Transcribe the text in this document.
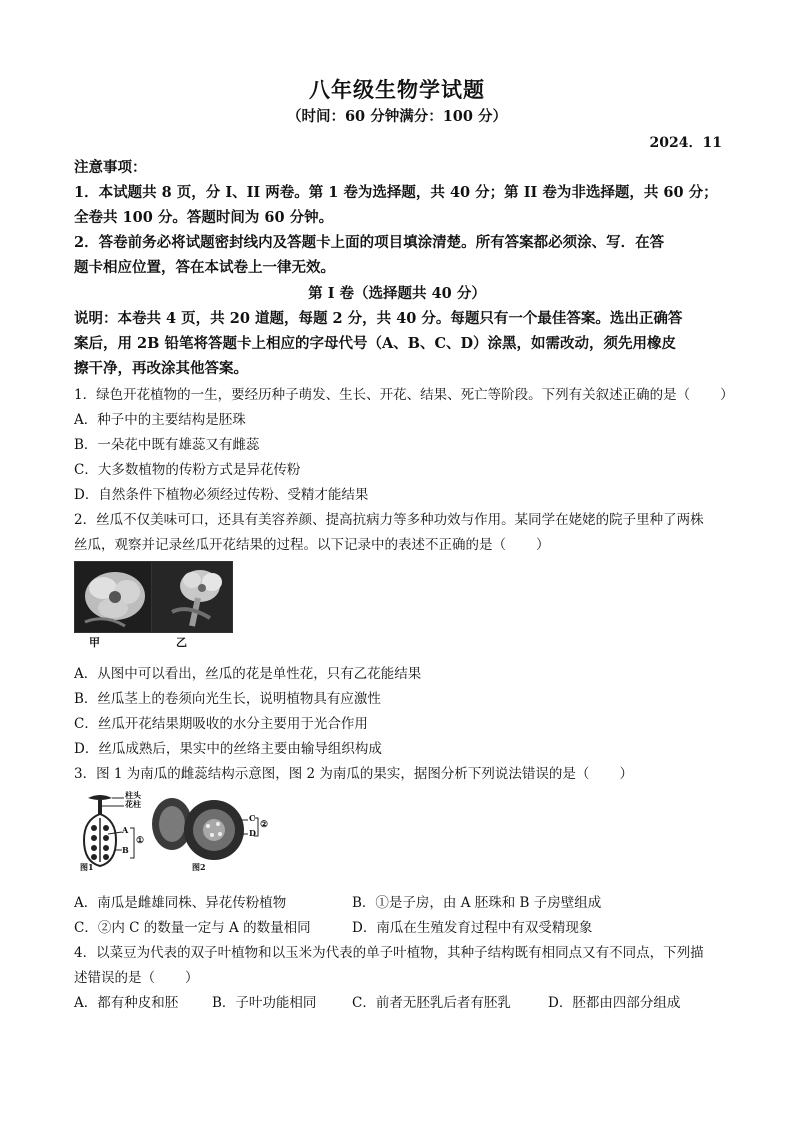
八年级生物学试题
（时间：60 分钟满分：100 分）
2024．11
注意事项：
1．本试题共 8 页，分 I、II 两卷。第 1 卷为选择题，共 40 分；第 II 卷为非选择题，共 60 分；
全卷共 100 分。答题时间为 60 分钟。
2．答卷前务必将试题密封线内及答题卡上面的项目填涂清楚。所有答案都必须涂、写．在答
题卡相应位置，答在本试卷上一律无效。
第 I 卷（选择题共 40 分）
说明：本卷共 4 页，共 20 道题，每题 2 分，共 40 分。每题只有一个最佳答案。选出正确答
案后，用 2B 铅笔将答题卡上相应的字母代号（A、B、C、D）涂黑，如需改动，须先用橡皮
擦干净，再改涂其他答案。
1．绿色开花植物的一生，要经历种子萌发、生长、开花、结果、死亡等阶段。下列有关叙述正确的是（ ）
A．种子中的主要结构是胚珠
B．一朵花中既有雄蕊又有雌蕊
C．大多数植物的传粉方式是异花传粉
D．自然条件下植物必须经过传粉、受精才能结果
2．丝瓜不仅美味可口，还具有美容养颜、提高抗病力等多种功效与作用。某同学在姥姥的院子里种了两株
丝瓜，观察并记录丝瓜开花结果的过程。以下记录中的表述不正确的是（ ）
甲	乙
A．从图中可以看出，丝瓜的花是单性花，只有乙花能结果
B．丝瓜茎上的卷须向光生长，说明植物具有应激性
C．丝瓜开花结果期吸收的水分主要用于光合作用
D．丝瓜成熟后，果实中的丝络主要由输导组织构成
3．图 1 为南瓜的雌蕊结构示意图，图 2 为南瓜的果实，据图分析下列说法错误的是（ ）
柱头
花柱
A
B
①
图1
C
D
②
图2
A．南瓜是雌雄同株、异花传粉植物	B．①是子房，由 A 胚珠和 B 子房壁组成
C．②内 C 的数量一定与 A 的数量相同	D．南瓜在生殖发育过程中有双受精现象
4．以菜豆为代表的双子叶植物和以玉米为代表的单子叶植物，其种子结构既有相同点又有不同点，下列描
述错误的是（ ）
A．都有种皮和胚	B．子叶功能相同	C．前者无胚乳后者有胚乳	D．胚都由四部分组成
